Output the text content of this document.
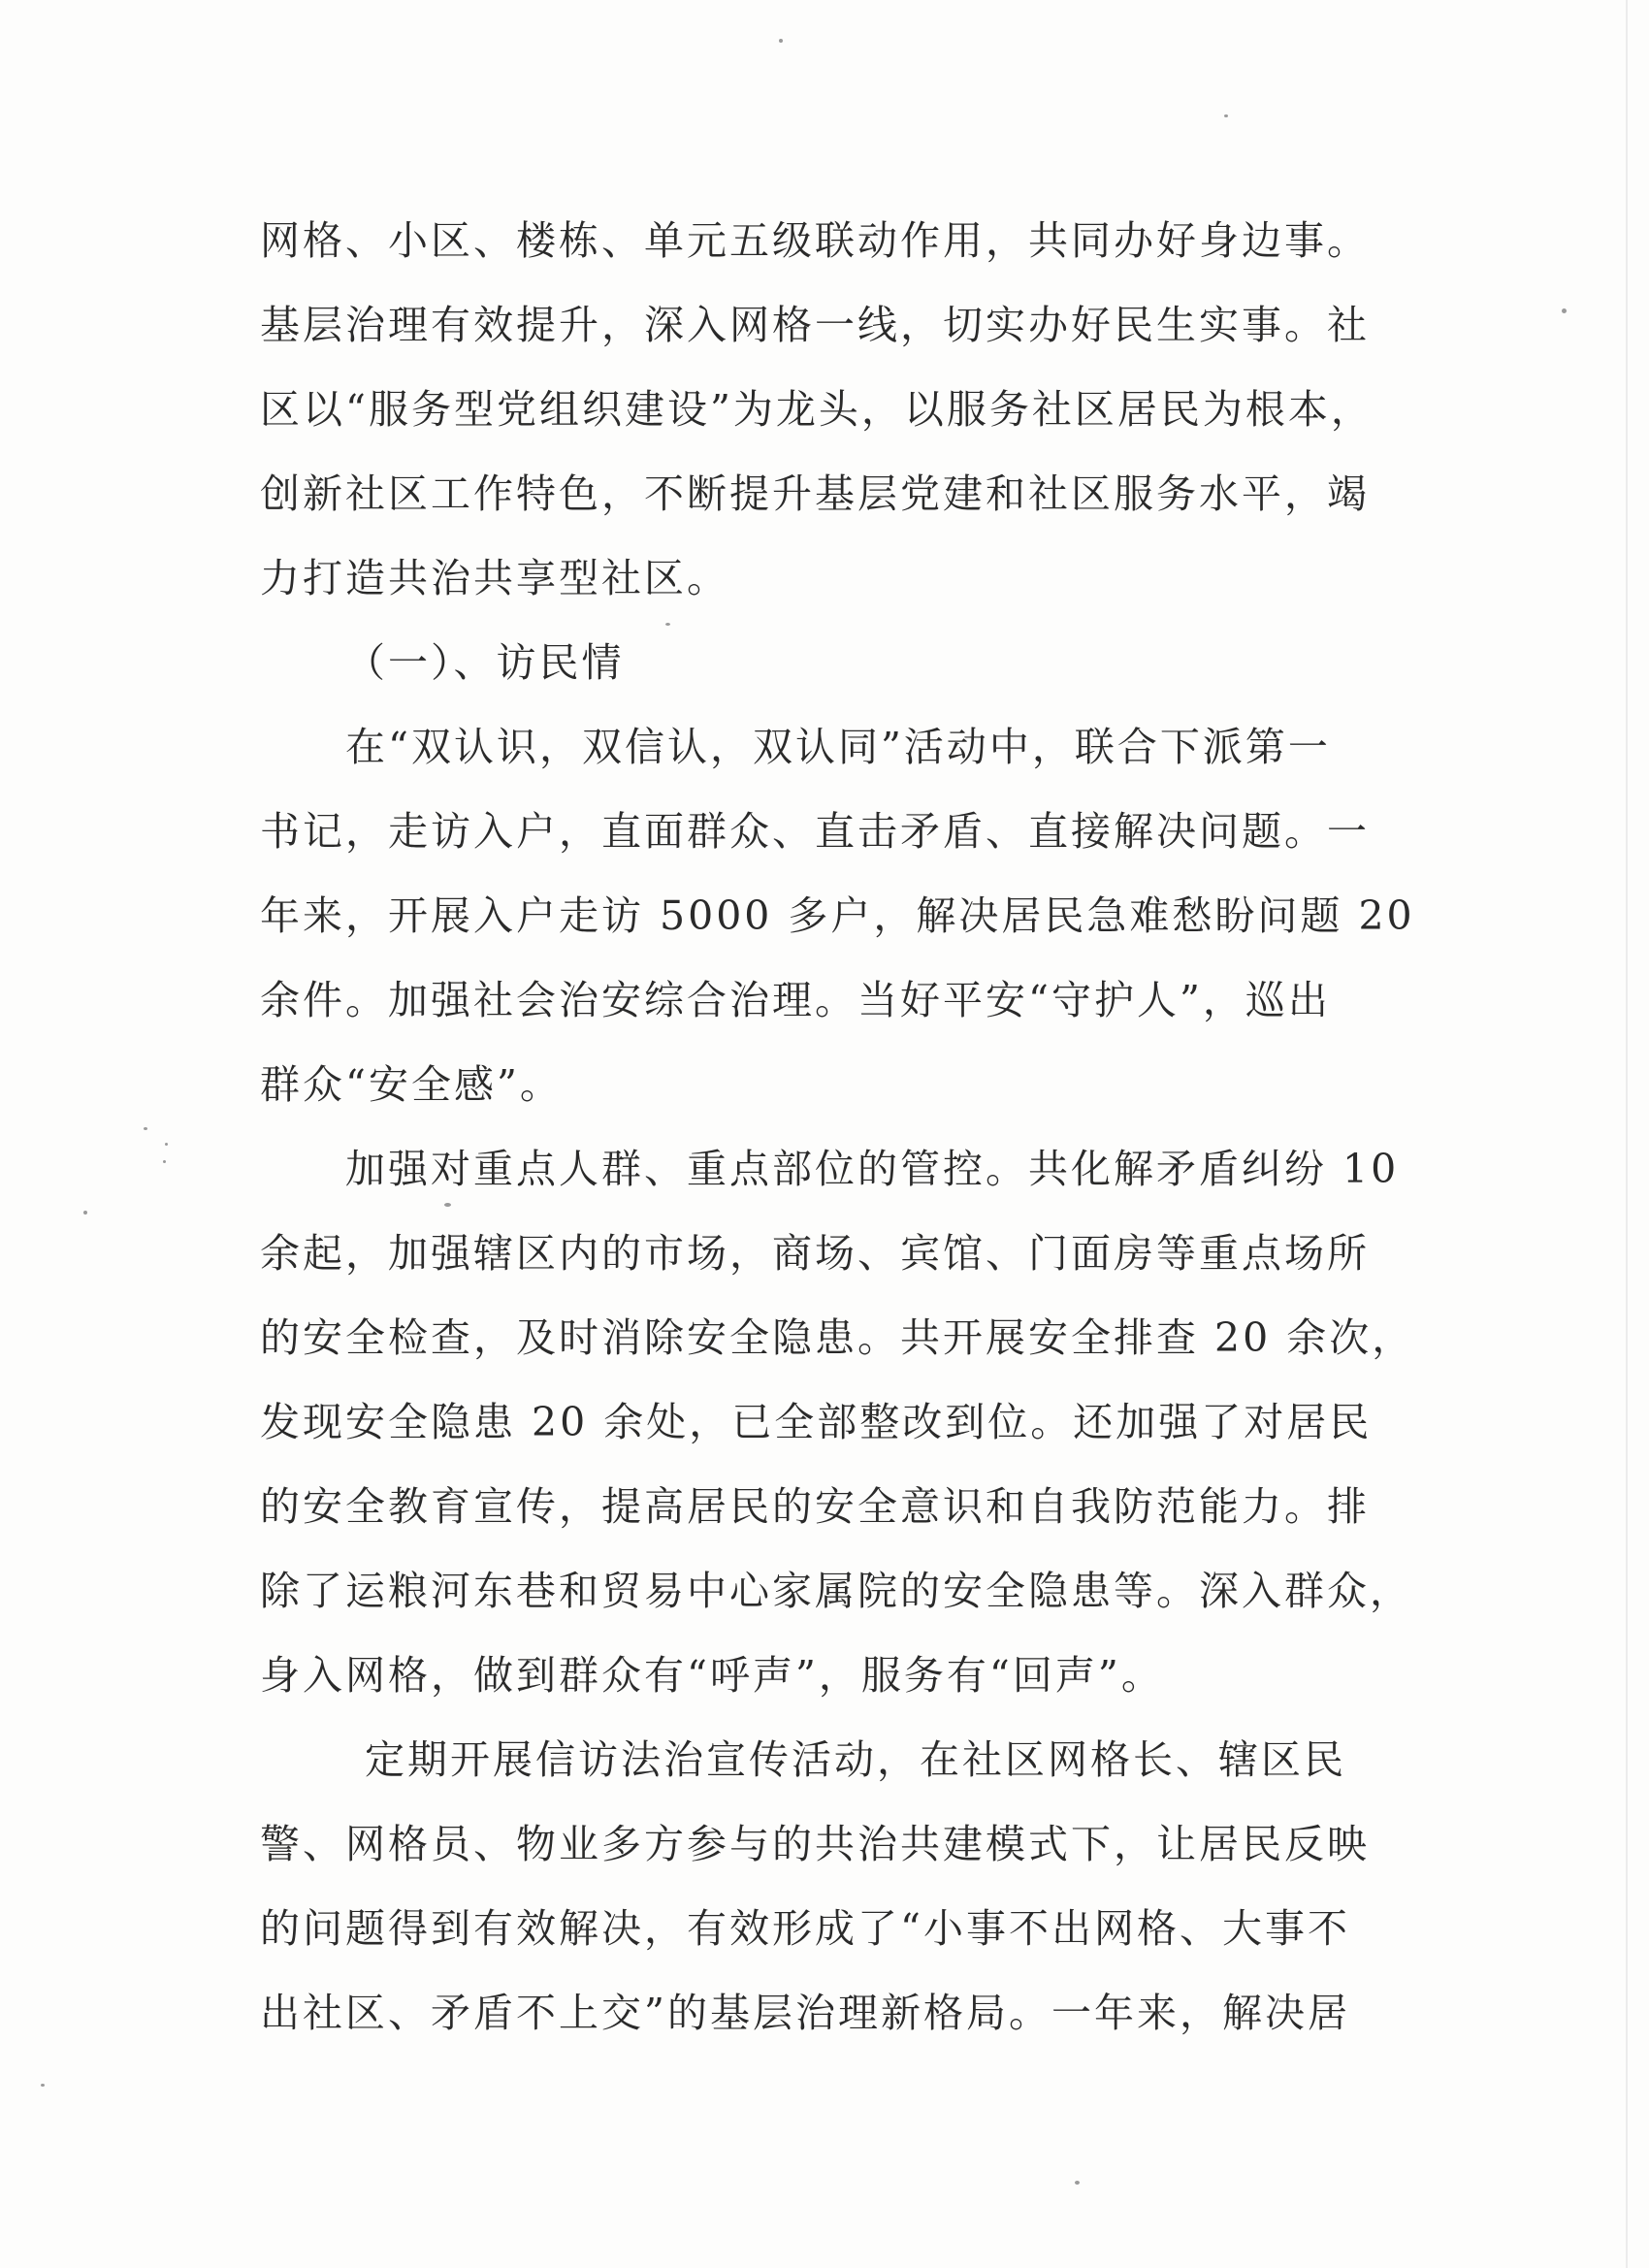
网格、小区、楼栋、单元五级联动作用，共同办好身边事。
基层治理有效提升，深入网格一线，切实办好民生实事。社
区以“服务型党组织建设”为龙头，以服务社区居民为根本，
创新社区工作特色，不断提升基层党建和社区服务水平，竭
力打造共治共享型社区。
（一）、访民情
在“双认识，双信认，双认同”活动中，联合下派第一
书记，走访入户，直面群众、直击矛盾、直接解决问题。一
年来，开展入户走访 5000 多户，解决居民急难愁盼问题 20
余件。加强社会治安综合治理。当好平安“守护人”，巡出
群众“安全感”。
加强对重点人群、重点部位的管控。共化解矛盾纠纷 10
余起，加强辖区内的市场，商场、宾馆、门面房等重点场所
的安全检查，及时消除安全隐患。共开展安全排查 20 余次，
发现安全隐患 20 余处，已全部整改到位。还加强了对居民
的安全教育宣传，提高居民的安全意识和自我防范能力。排
除了运粮河东巷和贸易中心家属院的安全隐患等。深入群众，
身入网格，做到群众有“呼声”，服务有“回声”。
定期开展信访法治宣传活动，在社区网格长、辖区民
警、网格员、物业多方参与的共治共建模式下，让居民反映
的问题得到有效解决，有效形成了“小事不出网格、大事不
出社区、矛盾不上交”的基层治理新格局。一年来，解决居
